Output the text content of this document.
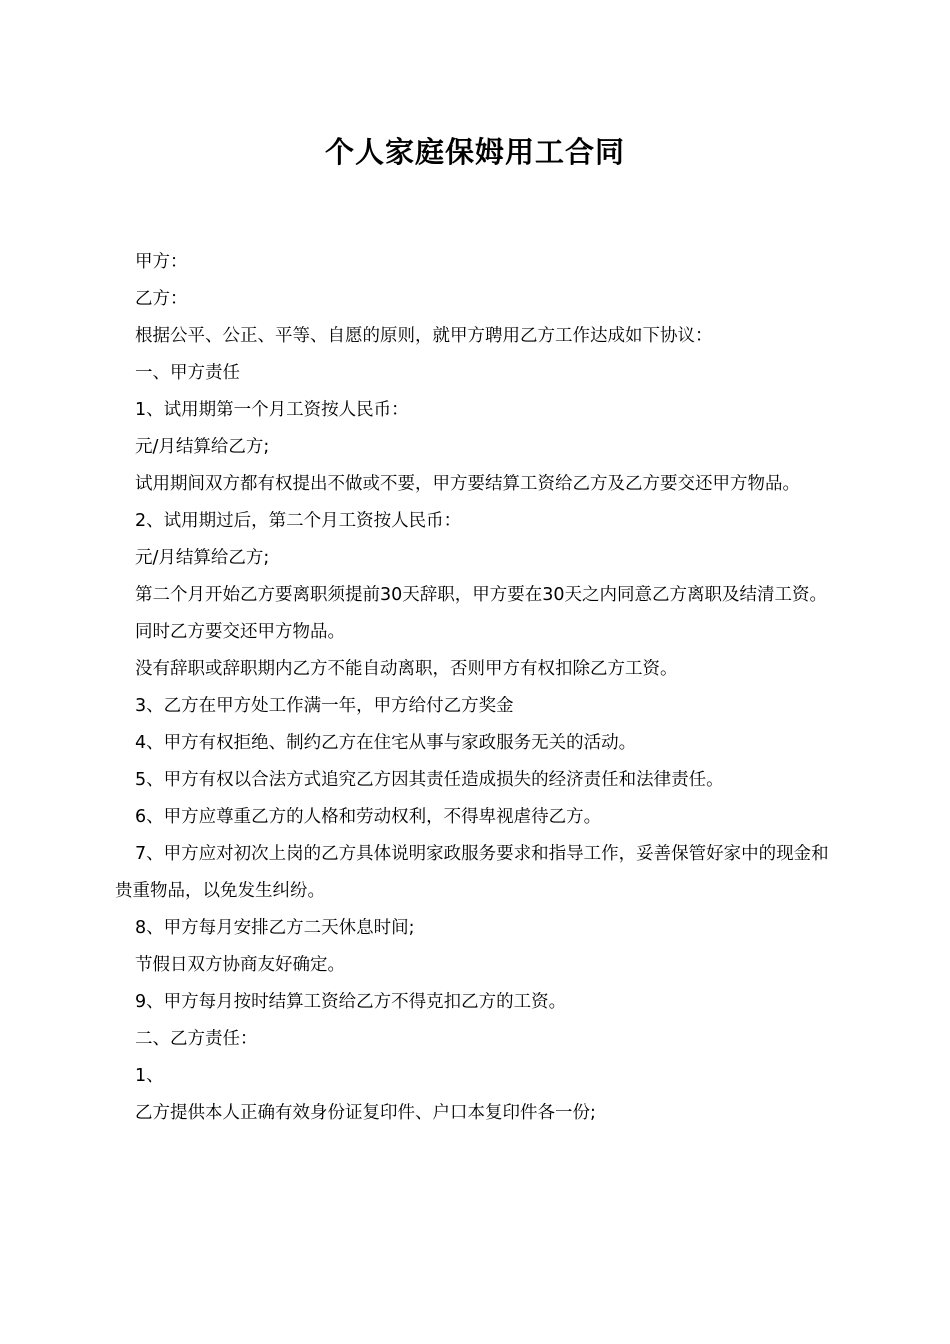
个人家庭保姆用工合同

甲方：

乙方：

根据公平、公正、平等、自愿的原则，就甲方聘用乙方工作达成如下协议：

一、甲方责任

1、试用期第一个月工资按人民币：

元/月结算给乙方;

试用期间双方都有权提出不做或不要，甲方要结算工资给乙方及乙方要交还甲方物品。

2、试用期过后，第二个月工资按人民币：

元/月结算给乙方;

第二个月开始乙方要离职须提前30天辞职，甲方要在30天之内同意乙方离职及结清工资。

同时乙方要交还甲方物品。

没有辞职或辞职期内乙方不能自动离职，否则甲方有权扣除乙方工资。

3、乙方在甲方处工作满一年，甲方给付乙方奖金

4、甲方有权拒绝、制约乙方在住宅从事与家政服务无关的活动。

5、甲方有权以合法方式追究乙方因其责任造成损失的经济责任和法律责任。

6、甲方应尊重乙方的人格和劳动权利，不得卑视虐待乙方。

7、甲方应对初次上岗的乙方具体说明家政服务要求和指导工作，妥善保管好家中的现金和贵重物品，以免发生纠纷。

8、甲方每月安排乙方二天休息时间;

节假日双方协商友好确定。

9、甲方每月按时结算工资给乙方不得克扣乙方的工资。

二、乙方责任：

1、

乙方提供本人正确有效身份证复印件、户口本复印件各一份;
